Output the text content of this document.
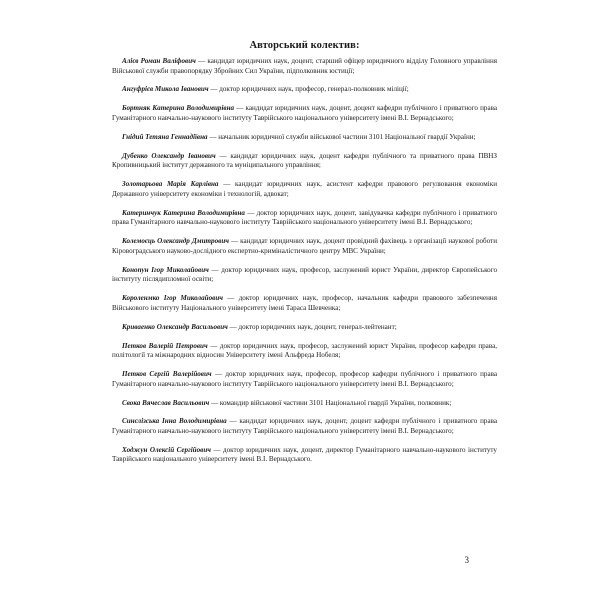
Авторський колектив:

Алієв Роман Валіфович — кандидат юридичних наук, доцент, старший офіцер юридичного відділу Головного управління Військової служби правопорядку Збройних Сил України, підполковник юстиції;

Ангуфрієв Микола Іванович — доктор юридичних наук, професор, генерал-полковник міліції;

Бортняк Катерина Володимирівна — кандидат юридичних наук, доцент, доцент кафедри публічного і приватного права Гуманітарного навчально-наукового інституту Таврійського національного університету імені В.І. Вернадського;

Гнідий Тетяна Геннадіївна — начальник юридичної служби військової частини 3101 Національної гвардії України;

Дубенко Олександр Іванович — кандидат юридичних наук, доцент кафедри публічного та приватного права ПВНЗ Кропивницький інститут державного та муніципального управління;

Золотарьова Марія Карлівна — кандидат юридичних наук, асистент кафедри правового регулювання економіки Державного університету економіки і технологій, адвокат;

Катеринчук Катерина Володимирівна — доктор юридичних наук, доцент, завідувачка кафедри публічного і приватного права Гуманітарного навчально-наукового інституту Таврійського національного університету імені В.І. Вернадського;

Колемоєць Олександр Дмитрович — кандидат юридичних наук, доцент провідний фахівець з організації наукової роботи Кіровоградського науково-дослідного експертно-криміналістичного центру МВС України;

Конопун Ігор Миколайович — доктор юридичних наук, професор, заслужений юрист України, директор Європейського інституту післядипломної освіти;

Короленмко Ігор Миколайович — доктор юридичних наук, професор, начальник кафедри правового забезпечення Військового інституту Національного університету імені Тараса Шевченка;

Криваенко Олександр Васильович — доктор юридичних наук, доцент, генерал-лейтенант;

Петков Валерій Петрович — доктор юридичних наук, професор, заслужений юрист України, професор кафедри права, політології та міжнародних відносин Університету імені Альфреда Нобеля;

Петков Сергій Валерійович — доктор юридичних наук, професор, професор кафедри публічного і приватного права Гуманітарного навчально-наукового інституту Таврійського національного університету імені В.І. Вернадського;

Свока Вячеслав Васильович — командир військової частини 3101 Національної гвардії України, полковник;

Синєлізська Інна Володимирівна — кандидат юридичних наук, доцент, доцент кафедри публічного і приватного права Гуманітарного навчально-наукового інституту Таврійського національного університету імені В.І. Вернадського;

Ходжун Олексій Сергійович — доктор юридичних наук, доцент, директор Гуманітарного навчально-наукового інституту Таврійського національного університету імені В.І. Вернадського.

3
